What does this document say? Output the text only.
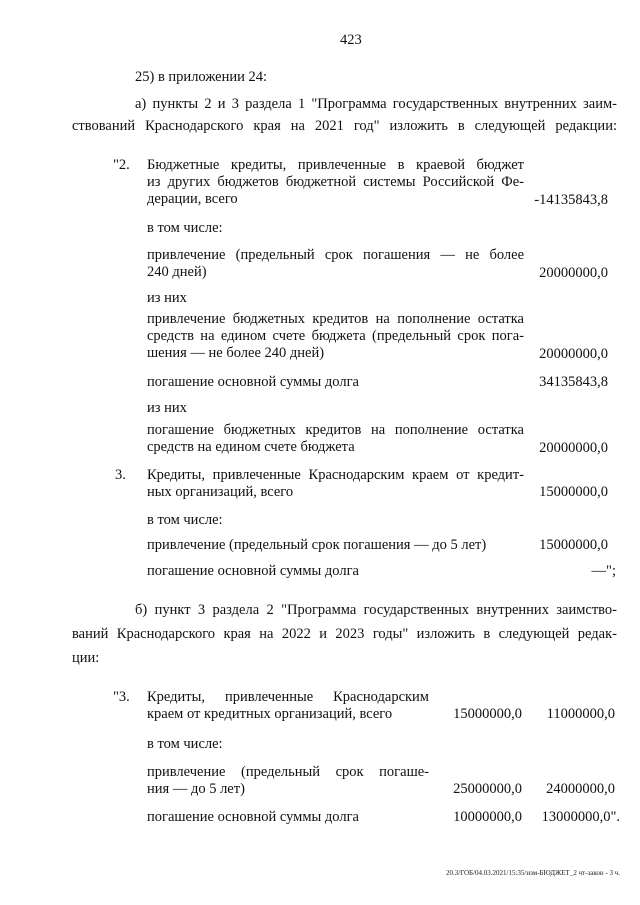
423
25) в приложении 24:
а) пункты 2 и 3 раздела 1 "Программа государственных внутренних заим-
ствований Краснодарского края на 2021 год" изложить в следующей редакции:
"2. Бюджетные кредиты, привлеченные в краевой бюджет
из других бюджетов бюджетной системы Российской Фе-
дерации, всего	-14135843,8
в том числе:
привлечение (предельный срок погашения — не более
240 дней)	20000000,0
из них
привлечение бюджетных кредитов на пополнение остатка
средств на едином счете бюджета (предельный срок пога-
шения — не более 240 дней)	20000000,0
погашение основной суммы долга	34135843,8
из них
погашение бюджетных кредитов на пополнение остатка
средств на едином счете бюджета	20000000,0
3. Кредиты, привлеченные Краснодарским краем от кредит-
ных организаций, всего	15000000,0
в том числе:
привлечение (предельный срок погашения — до 5 лет)	15000000,0
погашение основной суммы долга	—";
б) пункт 3 раздела 2 "Программа государственных внутренних заимство-
ваний Краснодарского края на 2022 и 2023 годы" изложить в следующей редак-
ции:
"3. Кредиты, привлеченные Краснодарским
краем от кредитных организаций, всего	15000000,0	11000000,0
в том числе:
привлечение (предельный срок погаше-
ния — до 5 лет)	25000000,0	24000000,0
погашение основной суммы долга	10000000,0	13000000,0".
20.3/ГОБ/04.03.2021/15:35/изм-БЮДЖЕТ_2 чт-закон - 3 ч.
